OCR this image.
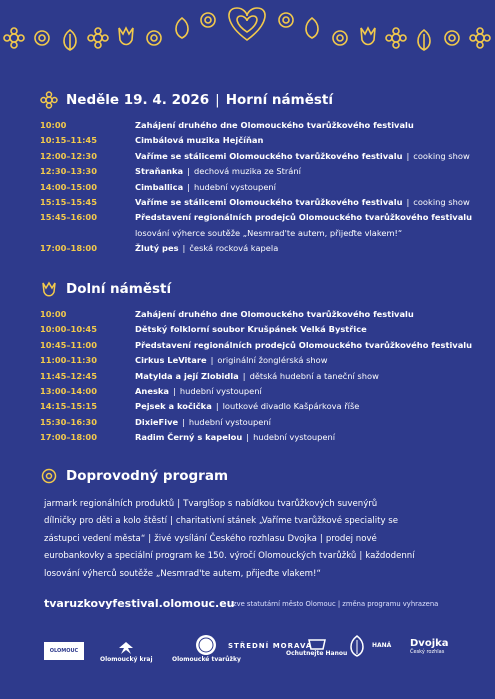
Neděle 19. 4. 2026 | Horní náměstí
10:00	Zahájení druhého dne Olomouckého tvarůžkového festivalu
10:15–11:45	Cimbálová muzika Hejčíňan
12:00–12:30	Vaříme se stálicemi Olomouckého tvarůžkového festivalu | cooking show
12:30–13:30	Straňanka | dechová muzika ze Strání
14:00–15:00	Cimballica | hudební vystoupení
15:15–15:45	Vaříme se stálicemi Olomouckého tvarůžkového festivalu | cooking show
15:45–16:00	Představení regionálních prodejců Olomouckého tvarůžkového festivalu
losování výherce soutěže „Nesmrad'te autem, přijeďte vlakem!“
17:00–18:00	Žlutý pes | česká rocková kapela
Dolní náměstí
10:00	Zahájení druhého dne Olomouckého tvarůžkového festivalu
10:00–10:45	Dětský folklorní soubor Krušpánek Velká Bystřice
10:45–11:00	Představení regionálních prodejců Olomouckého tvarůžkového festivalu
11:00–11:30	Cirkus LeVitare | originální žonglérská show
11:45–12:45	Matylda a její Zlobidla | dětská hudební a taneční show
13:00–14:00	Aneska | hudební vystoupení
14:15–15:15	Pejsek a kočička | loutkové divadlo Kašpárkova říše
15:30–16:30	DixieFive | hudební vystoupení
17:00–18:00	Radim Černý s kapelou | hudební vystoupení
Doprovodný program
jarmark regionálních produktů | Tvarglšop s nabídkou tvarůžkových suvenýrů
dílničky pro děti a kolo štěstí | charitativní stánek „Vaříme tvarůžkové speciality se
zástupci vedení města“ | živé vysílání Českého rozhlasu Dvojka | prodej nové
eurobankovky a speciální program ke 150. výročí Olomouckých tvarůžků | každodenní
losování výherců soutěže „Nesmrad'te autem, přijeďte vlakem!“
tvaruzkovyfestival.olomouc.eu
zve statutární město Olomouc | změna programu vyhrazena
OLOMOUC
Olomoucký kraj	Olomoucké tvarůžky
STŘEDNÍ MORAVA
Ochutnejte Hanou
HANÁ Dvojka
Český rozhlas
